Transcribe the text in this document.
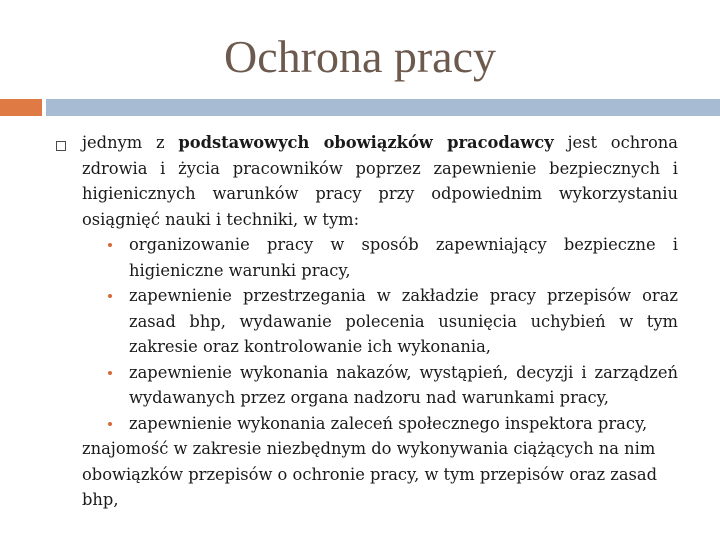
Ochrona pracy

jednym z podstawowych obowiązków pracodawcy jest ochrona zdrowia i życia pracowników poprzez zapewnienie bezpiecznych i higienicznych warunków pracy przy odpowiednim wykorzystaniu osiągnięć nauki i techniki, w tym:

organizowanie pracy w sposób zapewniający bezpieczne i higieniczne warunki pracy,
zapewnienie przestrzegania w zakładzie pracy przepisów oraz zasad bhp, wydawanie polecenia usunięcia uchybień w tym zakresie oraz kontrolowanie ich wykonania,
zapewnienie wykonania nakazów, wystąpień, decyzji i zarządzeń wydawanych przez organa nadzoru nad warunkami pracy,
zapewnienie wykonania zaleceń społecznego inspektora pracy,

znajomość w zakresie niezbędnym do wykonywania ciążących na nim obowiązków przepisów o ochronie pracy, w tym przepisów oraz zasad bhp,
